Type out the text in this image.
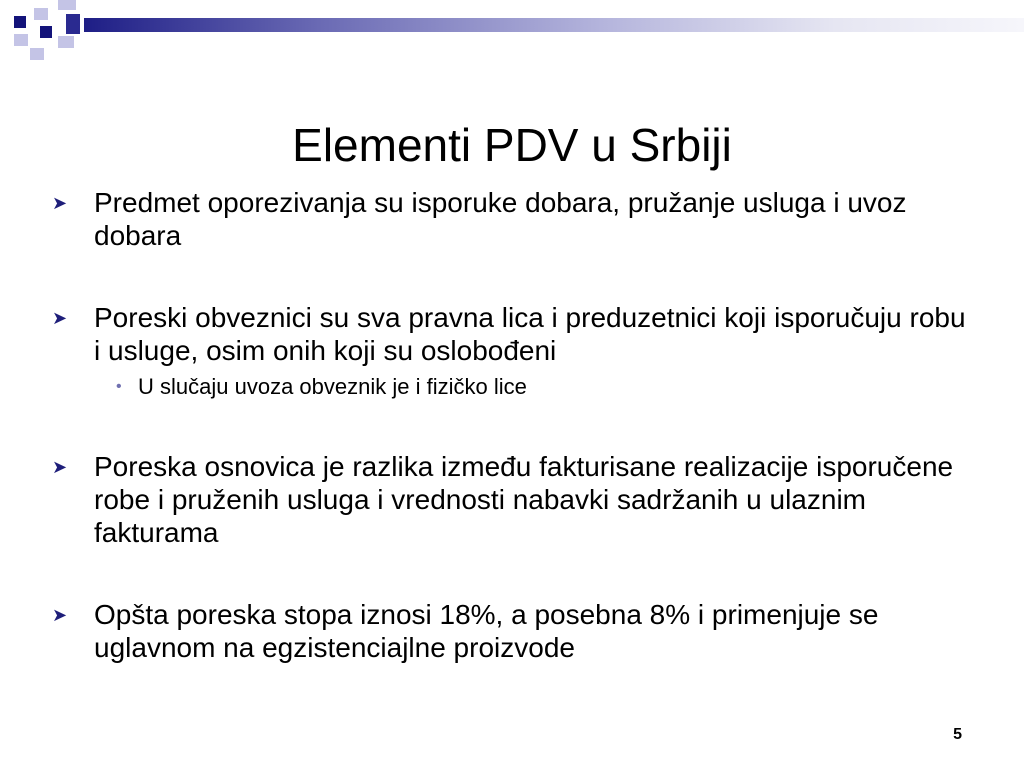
Elementi PDV u Srbiji
➤ Predmet oporezivanja su isporuke dobara, pružanje usluga i uvoz dobara
➤ Poreski obveznici su sva pravna lica i preduzetnici koji isporučuju robu i usluge, osim onih koji su oslobođeni
• U slučaju uvoza obveznik je i fizičko lice
➤ Poreska osnovica je razlika između fakturisane realizacije isporučene robe i pruženih usluga i vrednosti nabavki sadržanih u ulaznim fakturama
➤ Opšta poreska stopa iznosi 18%, a posebna 8% i primenjuje se uglavnom na egzistenciajlne proizvode
5
